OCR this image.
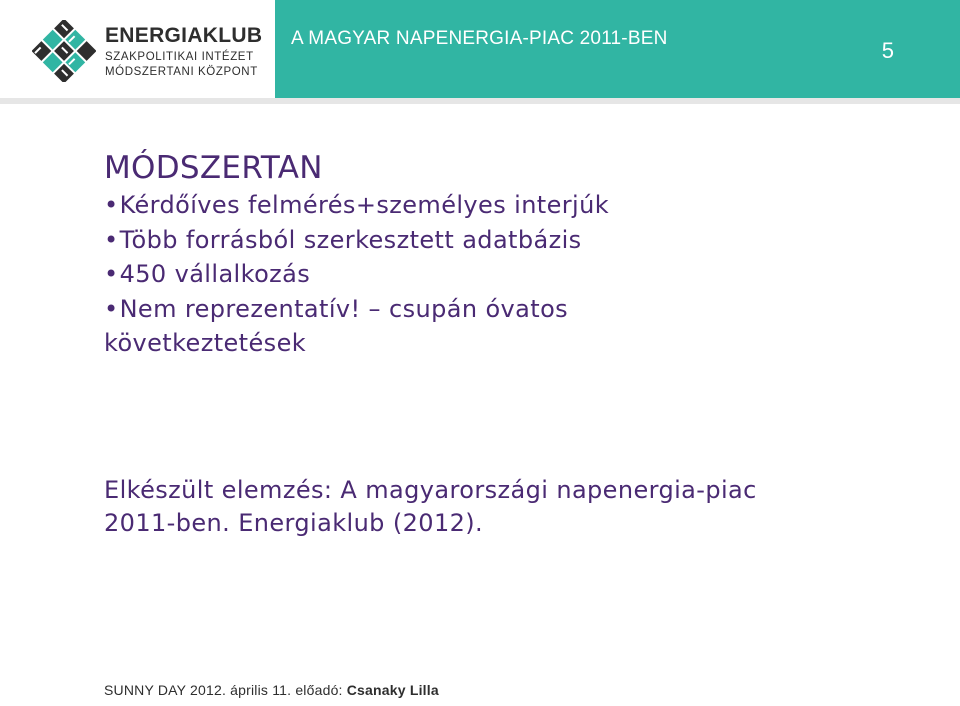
ENERGIAKLUB
SZAKPOLITIKAI INTÉZET
MÓDSZERTANI KÖZPONT
A MAGYAR NAPENERGIA-PIAC 2011-BEN	5
MÓDSZERTAN
•Kérdőíves felmérés+személyes interjúk
•Több forrásból szerkesztett adatbázis
•450 vállalkozás
•Nem reprezentatív! – csupán óvatos
következtetések
Elkészült elemzés: A magyarországi napenergia-piac
2011-ben. Energiaklub (2012).
SUNNY DAY 2012. április 11. előadó: Csanaky Lilla
